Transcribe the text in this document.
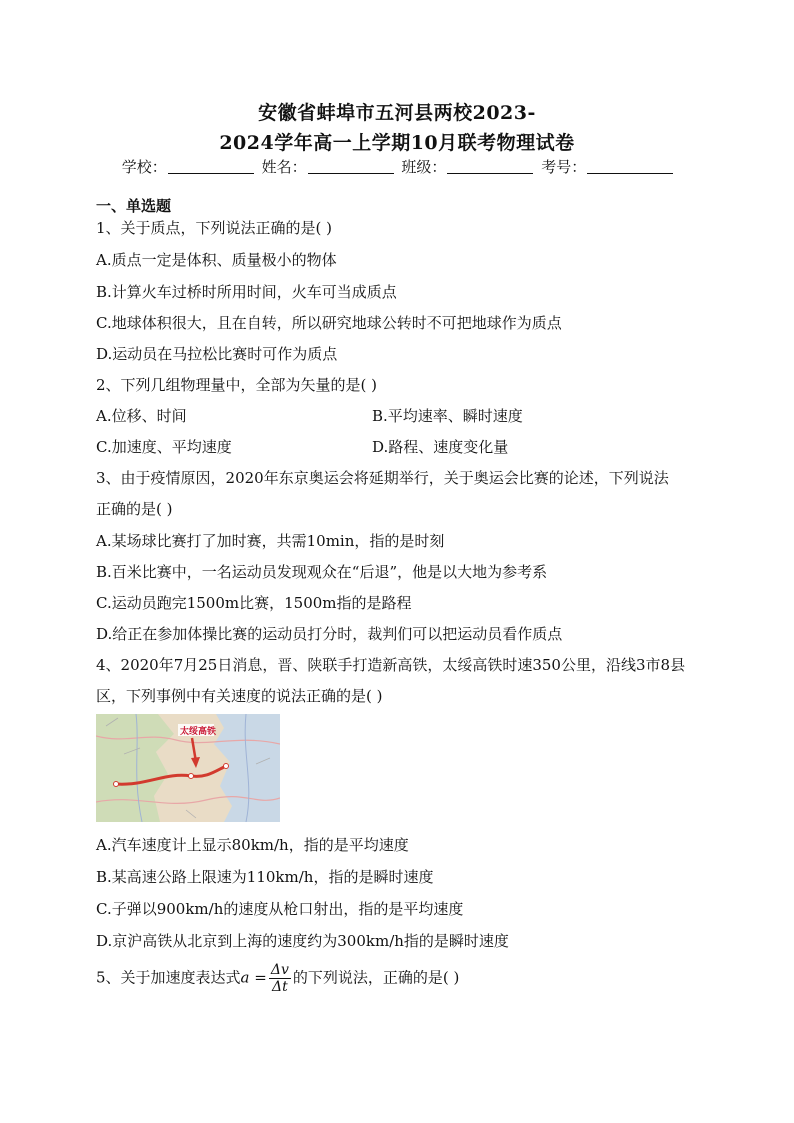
安徽省蚌埠市五河县两校2023-
2024学年高一上学期10月联考物理试卷
学校：	姓名：	班级：	考号：
一、单选题
1、关于质点，下列说法正确的是( )
A.质点一定是体积、质量极小的物体
B.计算火车过桥时所用时间，火车可当成质点
C.地球体积很大，且在自转，所以研究地球公转时不可把地球作为质点
D.运动员在马拉松比赛时可作为质点
2、下列几组物理量中，全部为矢量的是( )
A.位移、时间	B.平均速率、瞬时速度
C.加速度、平均速度	D.路程、速度变化量
3、由于疫情原因，2020年东京奥运会将延期举行，关于奥运会比赛的论述，下列说法
正确的是( )
A.某场球比赛打了加时赛，共需10min，指的是时刻
B.百米比赛中，一名运动员发现观众在“后退”，他是以大地为参考系
C.运动员跑完1500m比赛，1500m指的是路程
D.给正在参加体操比赛的运动员打分时，裁判们可以把运动员看作质点
4、2020年7月25日消息，晋、陕联手打造新高铁，太绥高铁时速350公里，沿线3市8县
区，下列事例中有关速度的说法正确的是( )
太绥高铁
A.汽车速度计上显示80km/h，指的是平均速度
B.某高速公路上限速为110km/h，指的是瞬时速度
C.子弹以900km/h的速度从枪口射出，指的是平均速度
D.京沪高铁从北京到上海的速度约为300km/h指的是瞬时速度
5、关于加速度表达式$a = \frac{\Delta v}{\Delta t}$ 的下列说法，正确的是( )
